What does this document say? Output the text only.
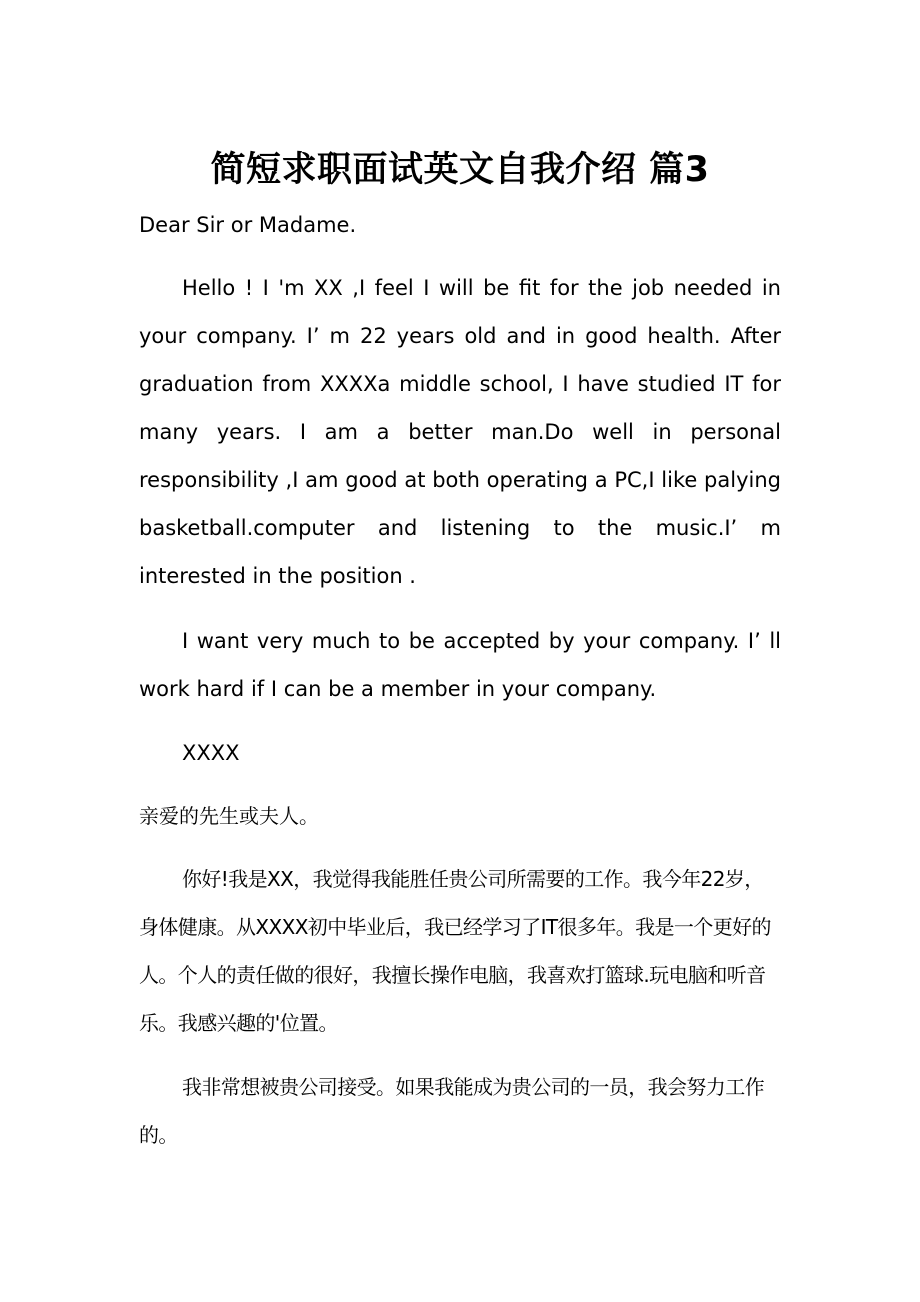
简短求职面试英文自我介绍 篇3

Dear Sir or Madame.

Hello ! I 'm XX ,I feel I will be fit for the job needed in your company. I’ m 22 years old and in good health. After graduation from XXXXa middle school, I have studied IT for many years. I am a better man.Do well in personal responsibility ,I am good at both operating a PC,I like palying basketball.computer and listening to the music.I’ m interested in the position .

I want very much to be accepted by your company. I’ ll work hard if I can be a member in your company.

XXXX

亲爱的先生或夫人。

你好!我是XX，我觉得我能胜任贵公司所需要的工作。我今年22岁，身体健康。从XXXX初中毕业后，我已经学习了IT很多年。我是一个更好的人。个人的责任做的很好，我擅长操作电脑，我喜欢打篮球.玩电脑和听音乐。我感兴趣的'位置。

我非常想被贵公司接受。如果我能成为贵公司的一员，我会努力工作的。
